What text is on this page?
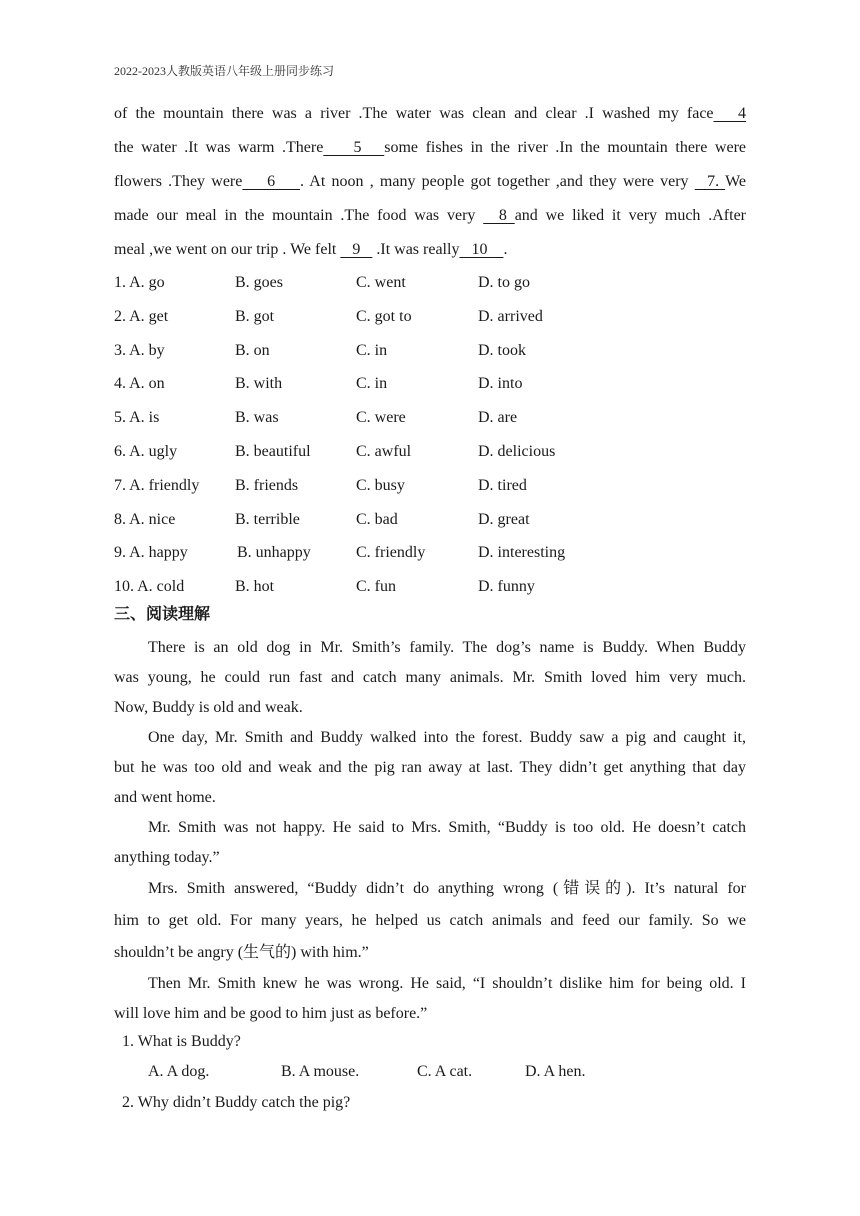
2022-2023人教版英语八年级上册同步练习
of the mountain there was a river .The water was clean and clear .I washed my face   4
the water .It was warm .There    5   some fishes in the river .In the mountain there were
flowers .They were    6    . At noon , many people got together ,and they were very   7. We
made our meal in the mountain .The food was very   8 and we liked it very much .After
meal ,we went on our trip . We felt    9    .It was really   10    .
1. A. go	B. goes	C. went	D. to go
2. A. get	B. got	C. got to	D. arrived
3. A. by	B. on	C. in	D. took
4. A. on	B. with	C. in	D. into
5. A. is	B. was	C. were	D. are
6. A. ugly	B. beautiful	C. awful	D. delicious
7. A. friendly B. friends	C. busy	D. tired
8. A. nice	B. terrible	C. bad	D. great
9. A. happy	B. unhappy	C. friendly	D. interesting
10. A. cold	B. hot	C. fun	D. funny
三、阅读理解
There is an old dog in Mr. Smith’s family. The dog’s name is Buddy. When Buddy
was young, he could run fast and catch many animals. Mr. Smith loved him very much.
Now, Buddy is old and weak.
One day, Mr. Smith and Buddy walked into the forest. Buddy saw a pig and caught it,
but he was too old and weak and the pig ran away at last. They didn’t get anything that day
and went home.
Mr. Smith was not happy. He said to Mrs. Smith, “Buddy is too old. He doesn’t catch
anything today.”
Mrs. Smith answered, “Buddy didn’t do anything wrong (错误的). It’s natural for
him to get old. For many years, he helped us catch animals and feed our family. So we
shouldn’t be angry (生气的) with him.”
Then Mr. Smith knew he was wrong. He said, “I shouldn’t dislike him for being old. I
will love him and be good to him just as before.”
1. What is Buddy?
A. A dog.	B. A mouse.	C. A cat.	D. A hen.
2. Why didn’t Buddy catch the pig?
